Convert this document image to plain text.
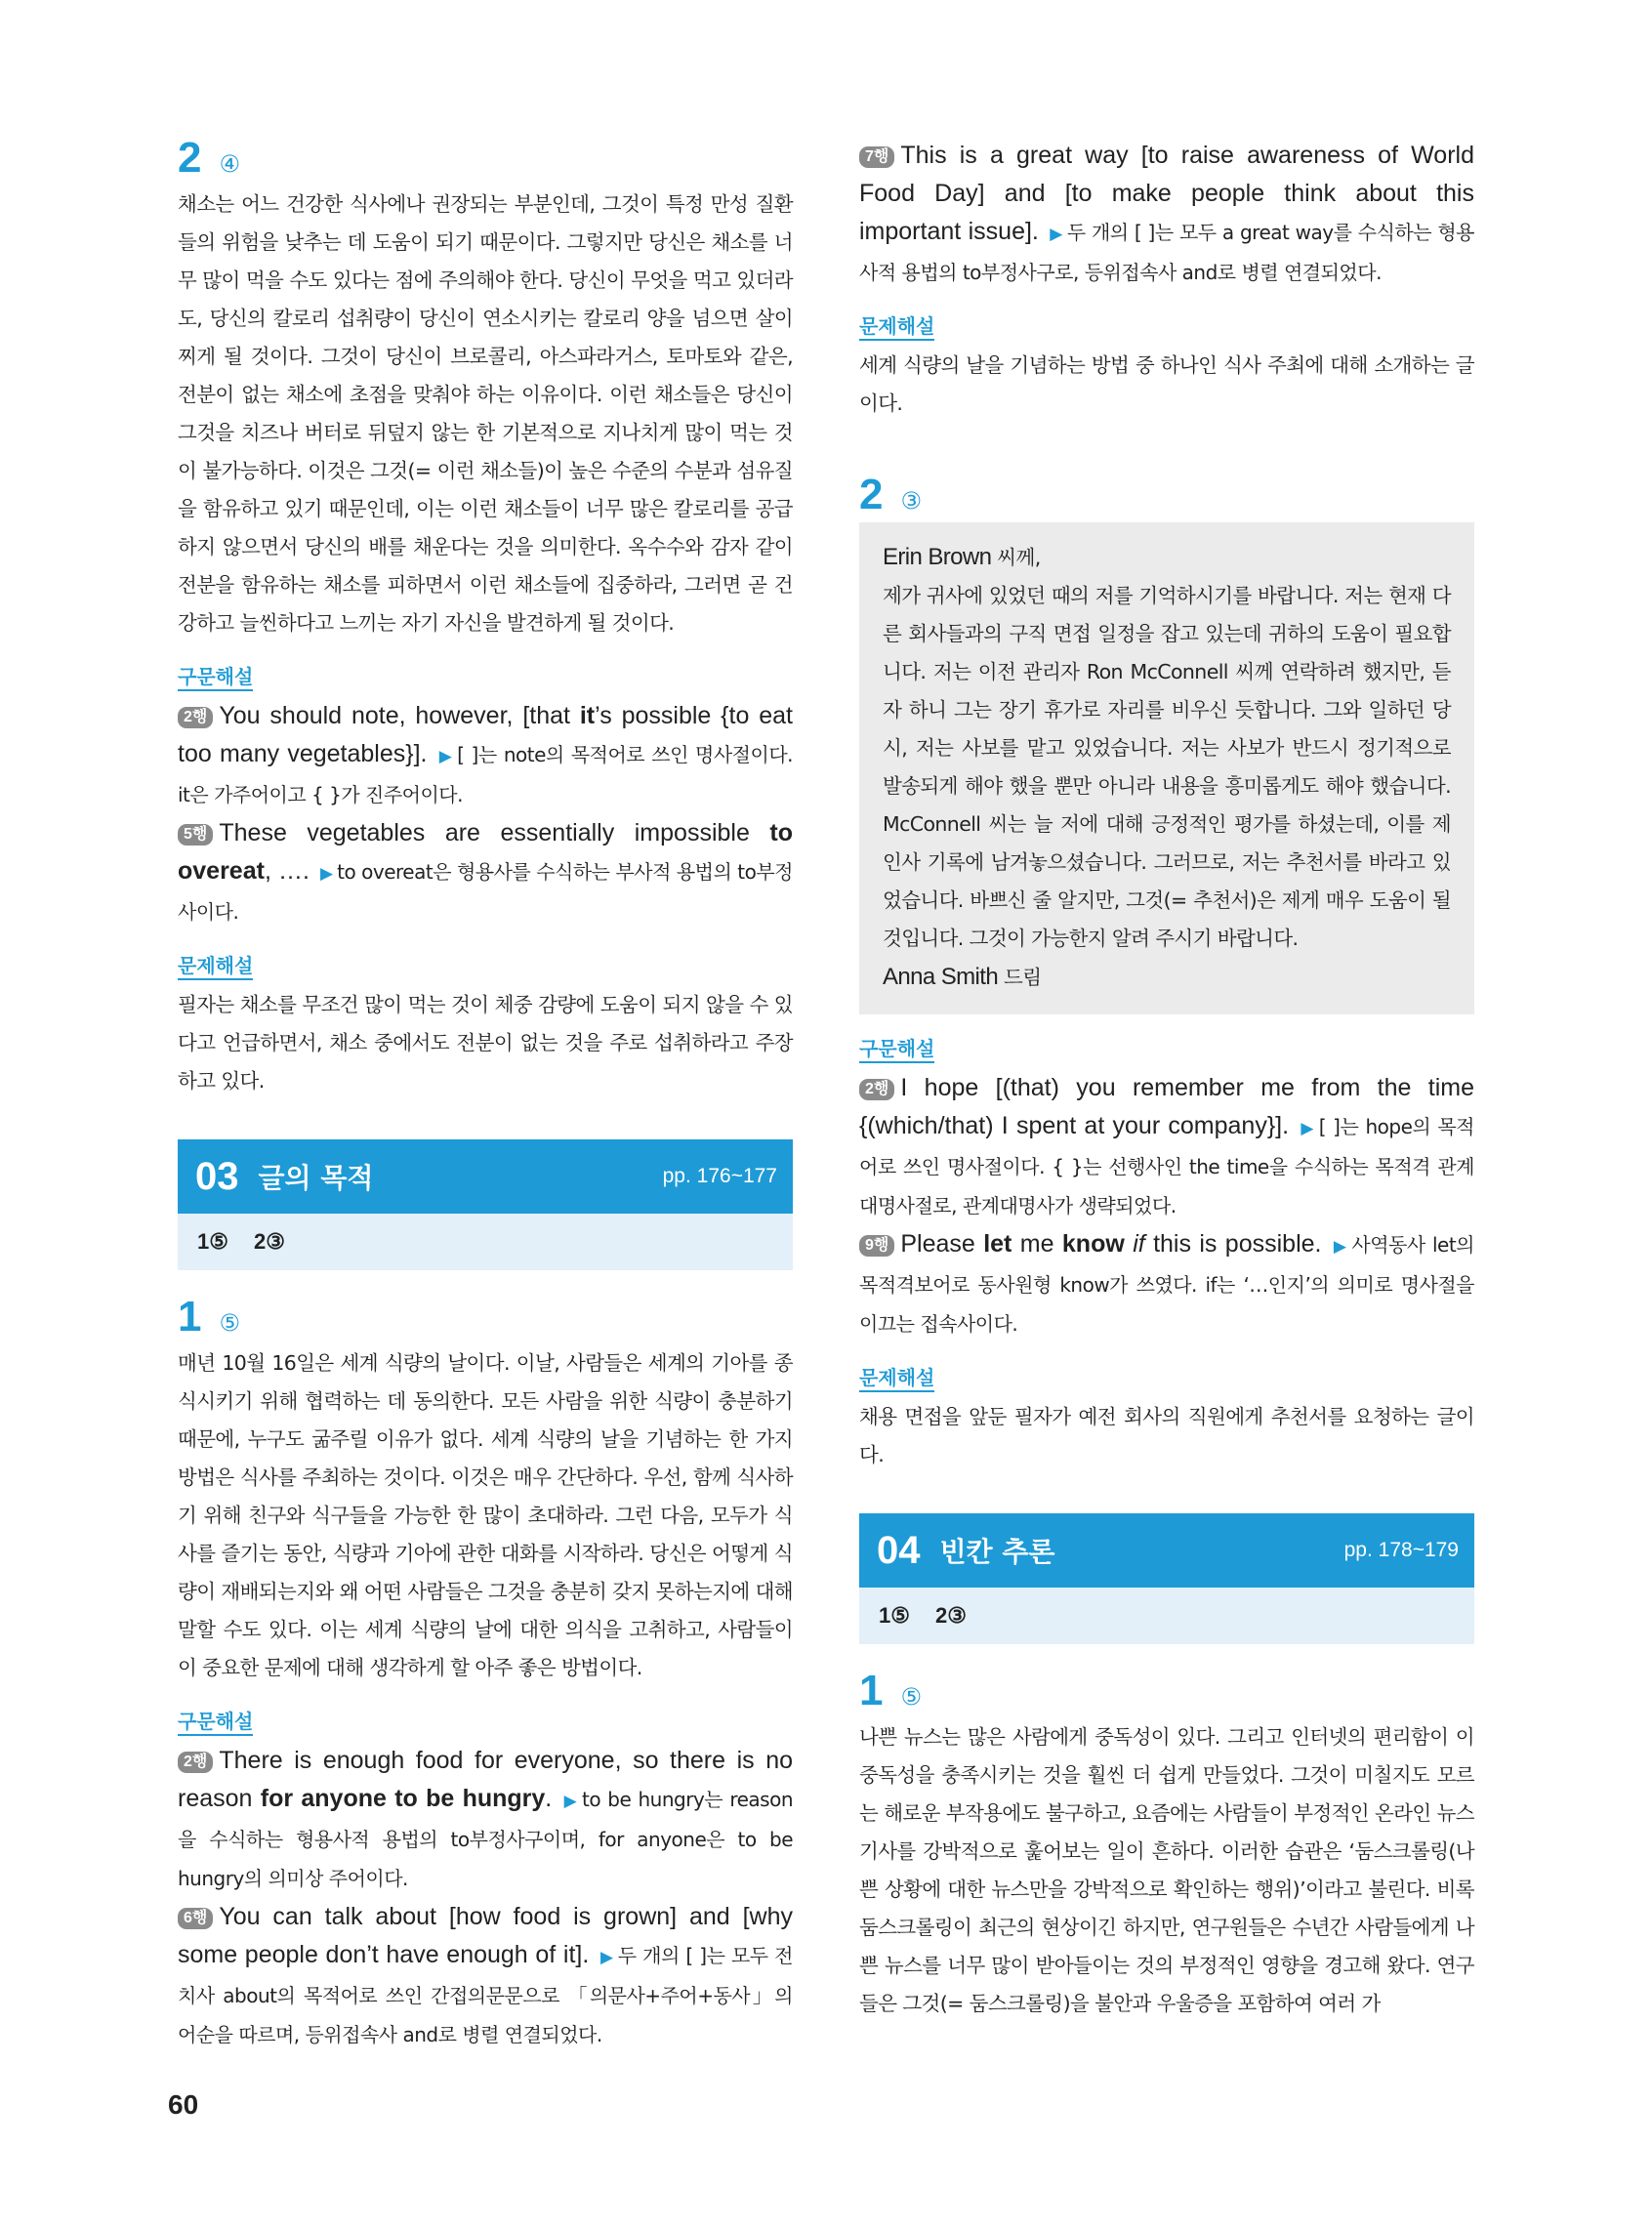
2 ④

채소는 어느 건강한 식사에나 권장되는 부분인데, 그것이 특정 만성 질환들의 위험을 낮추는 데 도움이 되기 때문이다. 그렇지만 당신은 채소를 너무 많이 먹을 수도 있다는 점에 주의해야 한다. 당신이 무엇을 먹고 있더라도, 당신의 칼로리 섭취량이 당신이 연소시키는 칼로리 양을 넘으면 살이 찌게 될 것이다. 그것이 당신이 브로콜리, 아스파라거스, 토마토와 같은, 전분이 없는 채소에 초점을 맞춰야 하는 이유이다. 이런 채소들은 당신이 그것을 치즈나 버터로 뒤덮지 않는 한 기본적으로 지나치게 많이 먹는 것이 불가능하다. 이것은 그것(= 이런 채소들)이 높은 수준의 수분과 섬유질을 함유하고 있기 때문인데, 이는 이런 채소들이 너무 많은 칼로리를 공급하지 않으면서 당신의 배를 채운다는 것을 의미한다. 옥수수와 감자 같이 전분을 함유하는 채소를 피하면서 이런 채소들에 집중하라, 그러면 곧 건강하고 늘씬하다고 느끼는 자기 자신을 발견하게 될 것이다.

구문해설

2행 You should note, however, [that it’s possible {to eat too many vegetables}]. ▶ [ ]는 note의 목적어로 쓰인 명사절이다. it은 가주어이고 { }가 진주어이다.

5행 These vegetables are essentially impossible to overeat, …. ▶ to overeat은 형용사를 수식하는 부사적 용법의 to부정사이다.

문제해설

필자는 채소를 무조건 많이 먹는 것이 체중 감량에 도움이 되지 않을 수 있다고 언급하면서, 채소 중에서도 전분이 없는 것을 주로 섭취하라고 주장하고 있다.

03 글의 목적	pp. 176~177
1⑤ 2③
1 ⑤

매년 10월 16일은 세계 식량의 날이다. 이날, 사람들은 세계의 기아를 종식시키기 위해 협력하는 데 동의한다. 모든 사람을 위한 식량이 충분하기 때문에, 누구도 굶주릴 이유가 없다. 세계 식량의 날을 기념하는 한 가지 방법은 식사를 주최하는 것이다. 이것은 매우 간단하다. 우선, 함께 식사하기 위해 친구와 식구들을 가능한 한 많이 초대하라. 그런 다음, 모두가 식사를 즐기는 동안, 식량과 기아에 관한 대화를 시작하라. 당신은 어떻게 식량이 재배되는지와 왜 어떤 사람들은 그것을 충분히 갖지 못하는지에 대해 말할 수도 있다. 이는 세계 식량의 날에 대한 의식을 고취하고, 사람들이 이 중요한 문제에 대해 생각하게 할 아주 좋은 방법이다.

구문해설

2행 There is enough food for everyone, so there is no reason for anyone to be hungry. ▶ to be hungry는 reason을 수식하는 형용사적 용법의 to부정사구이며, for anyone은 to be hungry의 의미상 주어이다.

6행 You can talk about [how food is grown] and [why some people don’t have enough of it]. ▶ 두 개의 [ ]는 모두 전치사 about의 목적어로 쓰인 간접의문문으로 「의문사+주어+동사」의 어순을 따르며, 등위접속사 and로 병렬 연결되었다.

7행 This is a great way [to raise awareness of World Food Day] and [to make people think about this important issue]. ▶ 두 개의 [ ]는 모두 a great way를 수식하는 형용사적 용법의 to부정사구로, 등위접속사 and로 병렬 연결되었다.

문제해설

세계 식량의 날을 기념하는 방법 중 하나인 식사 주최에 대해 소개하는 글이다.

2 ③

Erin Brown 씨께,

제가 귀사에 있었던 때의 저를 기억하시기를 바랍니다. 저는 현재 다른 회사들과의 구직 면접 일정을 잡고 있는데 귀하의 도움이 필요합니다. 저는 이전 관리자 Ron McConnell 씨께 연락하려 했지만, 듣자 하니 그는 장기 휴가로 자리를 비우신 듯합니다. 그와 일하던 당시, 저는 사보를 맡고 있었습니다. 저는 사보가 반드시 정기적으로 발송되게 해야 했을 뿐만 아니라 내용을 흥미롭게도 해야 했습니다. McConnell 씨는 늘 저에 대해 긍정적인 평가를 하셨는데, 이를 제 인사 기록에 남겨놓으셨습니다. 그러므로, 저는 추천서를 바라고 있었습니다. 바쁘신 줄 알지만, 그것(= 추천서)은 제게 매우 도움이 될 것입니다. 그것이 가능한지 알려 주시기 바랍니다.

Anna Smith 드림

구문해설

2행 I hope [(that) you remember me from the time {(which/that) I spent at your company}]. ▶ [ ]는 hope의 목적어로 쓰인 명사절이다. { }는 선행사인 the time을 수식하는 목적격 관계대명사절로, 관계대명사가 생략되었다.

9행 Please let me know if this is possible. ▶ 사역동사 let의 목적격보어로 동사원형 know가 쓰였다. if는 ‘…인지’의 의미로 명사절을 이끄는 접속사이다.

문제해설

채용 면접을 앞둔 필자가 예전 회사의 직원에게 추천서를 요청하는 글이다.

04 빈칸 추론	pp. 178~179
1⑤ 2③
1 ⑤

나쁜 뉴스는 많은 사람에게 중독성이 있다. 그리고 인터넷의 편리함이 이 중독성을 충족시키는 것을 훨씬 더 쉽게 만들었다. 그것이 미칠지도 모르는 해로운 부작용에도 불구하고, 요즘에는 사람들이 부정적인 온라인 뉴스 기사를 강박적으로 훑어보는 일이 흔하다. 이러한 습관은 ‘둠스크롤링(나쁜 상황에 대한 뉴스만을 강박적으로 확인하는 행위)’이라고 불린다. 비록 둠스크롤링이 최근의 현상이긴 하지만, 연구원들은 수년간 사람들에게 나쁜 뉴스를 너무 많이 받아들이는 것의 부정적인 영향을 경고해 왔다. 연구들은 그것(= 둠스크롤링)을 불안과 우울증을 포함하여 여러 가

60
